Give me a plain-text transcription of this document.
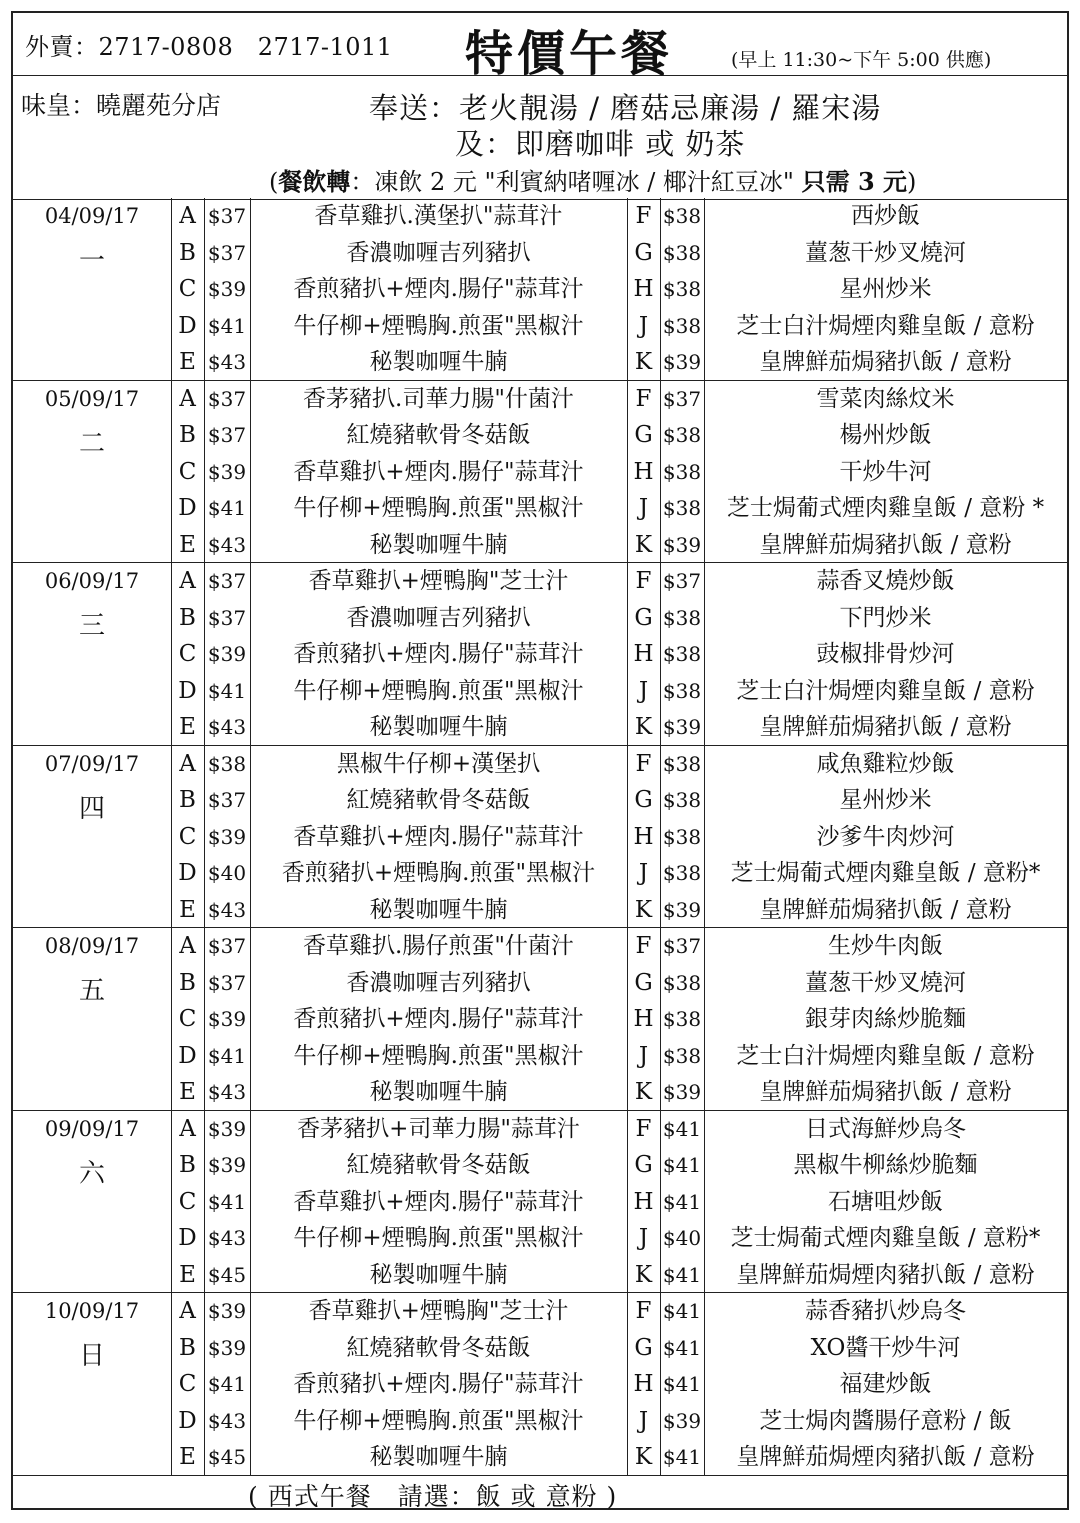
外賣：2717-0808　2717-1011 特價午餐	(早上 11:30~下午 5:00 供應)
味皇：曉麗苑分店	奉送：老火靚湯 / 磨菇忌廉湯 / 羅宋湯
及：即磨咖啡 或 奶茶
(餐飲轉：凍飲 2 元 "利賓納啫喱冰 / 椰汁紅豆冰" 只需 3 元)
04/09/17
一
A $37	香草雞扒.漢堡扒"蒜茸汁	F $38	西炒飯
B $37	香濃咖喱吉列豬扒	G $38	薑葱干炒叉燒河
C $39	香煎豬扒+煙肉.腸仔"蒜茸汁	H $38	星州炒米
D $41	牛仔柳+煙鴨胸.煎蛋"黑椒汁	J $38	芝士白汁焗煙肉雞皇飯 / 意粉
E $43	秘製咖喱牛腩	K $39	皇牌鮮茄焗豬扒飯 / 意粉
05/09/17
二
A $37	香茅豬扒.司華力腸"什菌汁	F $37	雪菜肉絲炆米
B $37	紅燒豬軟骨冬菇飯	G $38	楊州炒飯
C $39	香草雞扒+煙肉.腸仔"蒜茸汁	H $38	干炒牛河
D $41	牛仔柳+煙鴨胸.煎蛋"黑椒汁	J $38	芝士焗葡式煙肉雞皇飯 / 意粉 *
E $43	秘製咖喱牛腩	K $39	皇牌鮮茄焗豬扒飯 / 意粉
06/09/17
三
A $37	香草雞扒+煙鴨胸"芝士汁	F $37	蒜香叉燒炒飯
B $37	香濃咖喱吉列豬扒	G $38	下門炒米
C $39	香煎豬扒+煙肉.腸仔"蒜茸汁	H $38	豉椒排骨炒河
D $41	牛仔柳+煙鴨胸.煎蛋"黑椒汁	J $38	芝士白汁焗煙肉雞皇飯 / 意粉
E $43	秘製咖喱牛腩	K $39	皇牌鮮茄焗豬扒飯 / 意粉
07/09/17
四
A $38	黑椒牛仔柳+漢堡扒	F $38	咸魚雞粒炒飯
B $37	紅燒豬軟骨冬菇飯	G $38	星州炒米
C $39	香草雞扒+煙肉.腸仔"蒜茸汁	H $38	沙爹牛肉炒河
D $40	香煎豬扒+煙鴨胸.煎蛋"黑椒汁	J $38	芝士焗葡式煙肉雞皇飯 / 意粉*
E $43	秘製咖喱牛腩	K $39	皇牌鮮茄焗豬扒飯 / 意粉
08/09/17
五
A $37	香草雞扒.腸仔煎蛋"什菌汁	F $37	生炒牛肉飯
B $37	香濃咖喱吉列豬扒	G $38	薑葱干炒叉燒河
C $39	香煎豬扒+煙肉.腸仔"蒜茸汁	H $38	銀芽肉絲炒脆麵
D $41	牛仔柳+煙鴨胸.煎蛋"黑椒汁	J $38	芝士白汁焗煙肉雞皇飯 / 意粉
E $43	秘製咖喱牛腩	K $39	皇牌鮮茄焗豬扒飯 / 意粉
09/09/17
六
A $39	香茅豬扒+司華力腸"蒜茸汁	F $41	日式海鮮炒烏冬
B $39	紅燒豬軟骨冬菇飯	G $41	黑椒牛柳絲炒脆麵
C $41	香草雞扒+煙肉.腸仔"蒜茸汁	H $41	石塘咀炒飯
D $43	牛仔柳+煙鴨胸.煎蛋"黑椒汁	J $40	芝士焗葡式煙肉雞皇飯 / 意粉*
E $45	秘製咖喱牛腩	K $41	皇牌鮮茄焗煙肉豬扒飯 / 意粉
10/09/17
日
A $39	香草雞扒+煙鴨胸"芝士汁	F $41	蒜香豬扒炒烏冬
B $39	紅燒豬軟骨冬菇飯	G $41	XO醬干炒牛河
C $41	香煎豬扒+煙肉.腸仔"蒜茸汁	H $41	福建炒飯
D $43	牛仔柳+煙鴨胸.煎蛋"黑椒汁	J $39	芝士焗肉醬腸仔意粉 / 飯
E $45	秘製咖喱牛腩	K $41	皇牌鮮茄焗煙肉豬扒飯 / 意粉
( 西式午餐　請選：飯 或 意粉 )
